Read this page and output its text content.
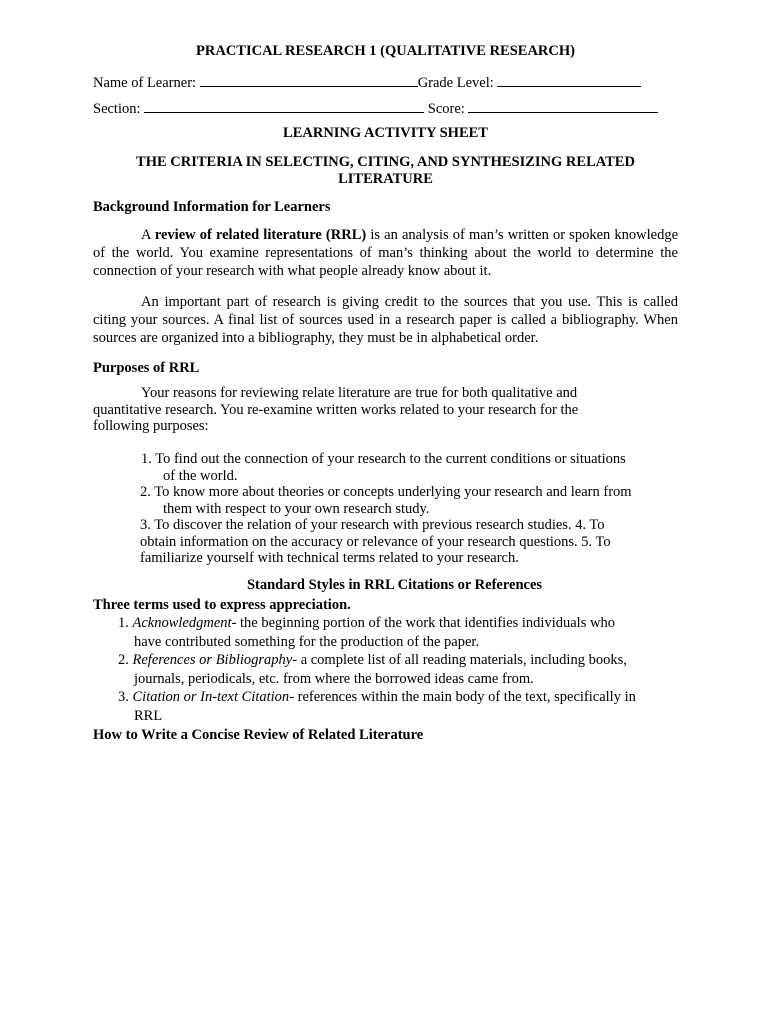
PRACTICAL RESEARCH 1 (QUALITATIVE RESEARCH)
Name of Learner:	Grade Level:
Section:	Score:
LEARNING ACTIVITY SHEET
THE CRITERIA IN SELECTING, CITING, AND SYNTHESIZING RELATED LITERATURE
Background Information for Learners

A review of related literature (RRL) is an analysis of man’s written or spoken knowledge of the world. You examine representations of man’s thinking about the world to determine the connection of your research with what people already know about it.

An important part of research is giving credit to the sources that you use. This is called citing your sources. A final list of sources used in a research paper is called a bibliography. When sources are organized into a bibliography, they must be in alphabetical order.

Purposes of RRL
Your reasons for reviewing relate literature are true for both qualitative and
quantitative research. You re-examine written works related to your research for the
following purposes:
1. To find out the connection of your research to the current conditions or situations
of the world.
2. To know more about theories or concepts underlying your research and learn from
them with respect to your own research study.
3. To discover the relation of your research with previous research studies. 4. To
obtain information on the accuracy or relevance of your research questions. 5. To
familiarize yourself with technical terms related to your research.
Standard Styles in RRL Citations or References
Three terms used to express appreciation.
1. Acknowledgment- the beginning portion of the work that identifies individuals who
have contributed something for the production of the paper.
2. References or Bibliography- a complete list of all reading materials, including books,
journals, periodicals, etc. from where the borrowed ideas came from.
3. Citation or In-text Citation- references within the main body of the text, specifically in
RRL
How to Write a Concise Review of Related Literature
